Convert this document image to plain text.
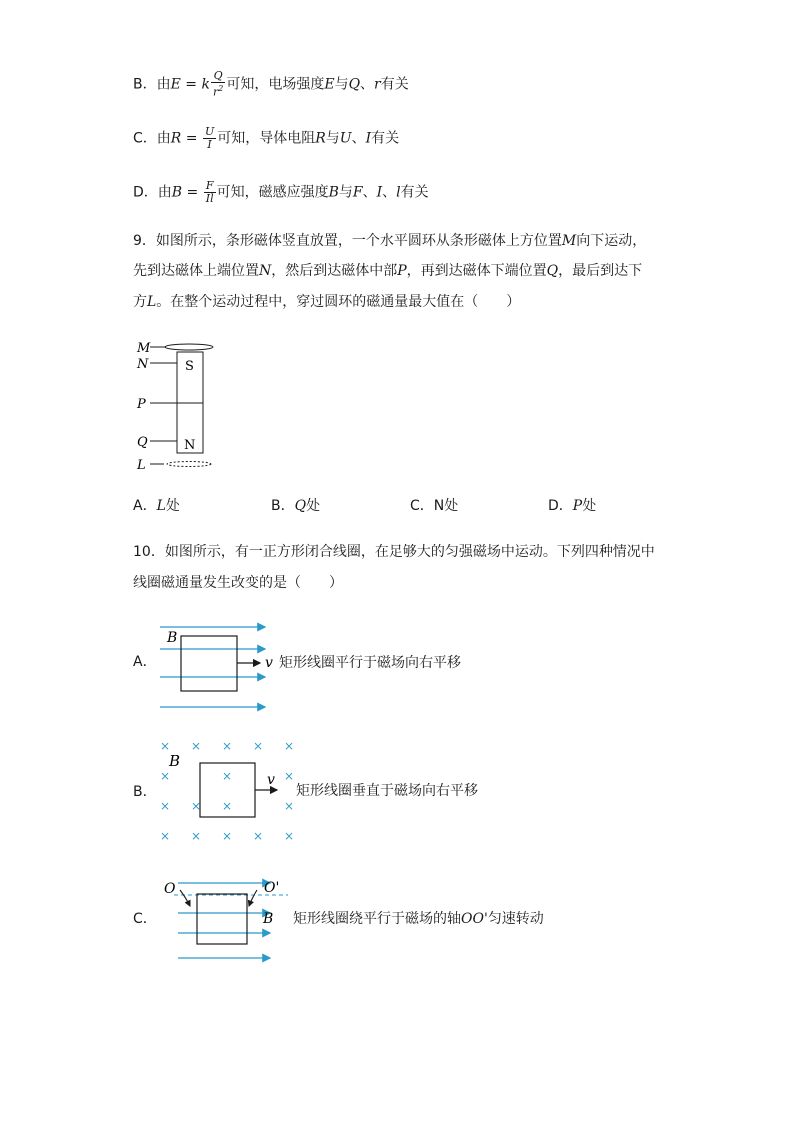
B．由E = k $\frac{Q}{r^2}$ 可知，电场强度E与Q、r有关
C．由$R = \frac{U}{I}$ 可知，导体电阻R与U、I有关
D．由$B = \frac{F}{Il}$ 可知，磁感应强度B与F、I、l有关
9．如图所示，条形磁体竖直放置，一个水平圆环从条形磁体上方位置M向下运动，
先到达磁体上端位置N，然后到达磁体中部P，再到达磁体下端位置Q，最后到达下
方L。在整个运动过程中，穿过圆环的磁通量最大值在（　　）
S
N
M
N
P
Q
L
A．L处	B．Q处	C．N处	D．P处
10．如图所示，有一正方形闭合线圈，在足够大的匀强磁场中运动。下列四种情况中
线圈磁通量发生改变的是（　　）
A．
B
v 矩形线圈平行于磁场向右平移
B．
× × × × ×
×	×	×
× × ×	×
× × × × ×
B
v
矩形线圈垂直于磁场向右平移
C．
O	O'
B 矩形线圈绕平行于磁场的轴OO'匀速转动
